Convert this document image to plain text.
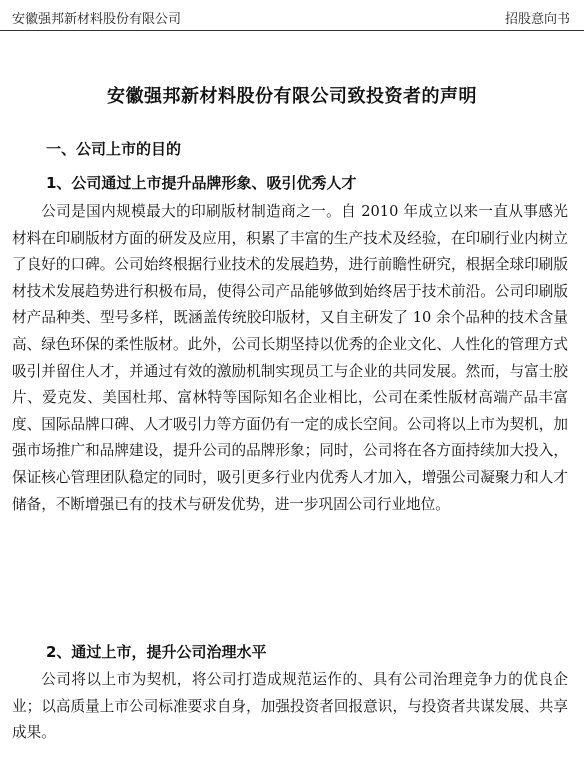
安徽强邦新材料股份有限公司	招股意向书
安徽强邦新材料股份有限公司致投资者的声明
一、公司上市的目的
1、公司通过上市提升品牌形象、吸引优秀人才

公司是国内规模最大的印刷版材制造商之一。自 2010 年成立以来一直从事感光材料在印刷版材方面的研发及应用，积累了丰富的生产技术及经验，在印刷行业内树立了良好的口碑。公司始终根据行业技术的发展趋势，进行前瞻性研究，根据全球印刷版材技术发展趋势进行积极布局，使得公司产品能够做到始终居于技术前沿。公司印刷版材产品种类、型号多样，既涵盖传统胶印版材，又自主研发了 10 余个品种的技术含量高、绿色环保的柔性版材。此外，公司长期坚持以优秀的企业文化、人性化的管理方式吸引并留住人才，并通过有效的激励机制实现员工与企业的共同发展。然而，与富士胶片、爱克发、美国杜邦、富林特等国际知名企业相比，公司在柔性版材高端产品丰富度、国际品牌口碑、人才吸引力等方面仍有一定的成长空间。公司将以上市为契机，加强市场推广和品牌建设，提升公司的品牌形象；同时，公司将在各方面持续加大投入，保证核心管理团队稳定的同时，吸引更多行业内优秀人才加入，增强公司凝聚力和人才储备，不断增强已有的技术与研发优势，进一步巩固公司行业地位。

2、通过上市，提升公司治理水平

公司将以上市为契机，将公司打造成规范运作的、具有公司治理竞争力的优良企业；以高质量上市公司标准要求自身，加强投资者回报意识，与投资者共谋发展、共享成果。
